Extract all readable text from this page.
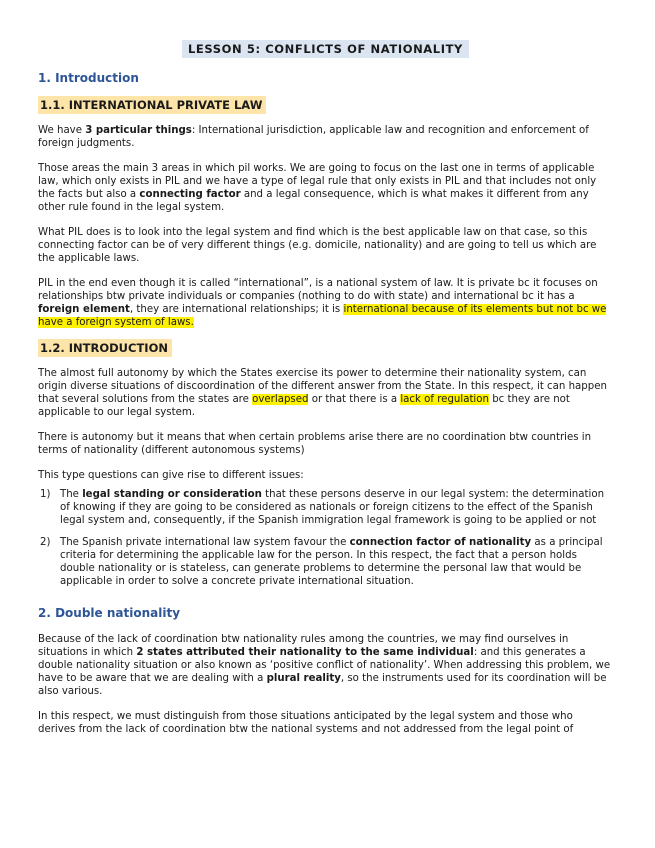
LESSON 5: CONFLICTS OF NATIONALITY
1. Introduction
1.1. INTERNATIONAL PRIVATE LAW

We have 3 particular things: International jurisdiction, applicable law and recognition and enforcement of foreign judgments.

Those areas the main 3 areas in which pil works. We are going to focus on the last one in terms of applicable law, which only exists in PIL and we have a type of legal rule that only exists in PIL and that includes not only the facts but also a connecting factor and a legal consequence, which is what makes it different from any other rule found in the legal system.

What PIL does is to look into the legal system and find which is the best applicable law on that case, so this connecting factor can be of very different things (e.g. domicile, nationality) and are going to tell us which are the applicable laws.

PIL in the end even though it is called “international”, is a national system of law. It is private bc it focuses on relationships btw private individuals or companies (nothing to do with state) and international bc it has a foreign element, they are international relationships; it is international because of its elements but not bc we have a foreign system of laws.

1.2. INTRODUCTION

The almost full autonomy by which the States exercise its power to determine their nationality system, can origin diverse situations of discoordination of the different answer from the State. In this respect, it can happen that several solutions from the states are overlapsed or that there is a lack of regulation bc they are not applicable to our legal system.

There is autonomy but it means that when certain problems arise there are no coordination btw countries in terms of nationality (different autonomous systems)

This type questions can give rise to different issues:

1) The legal standing or consideration that these persons deserve in our legal system: the determination of knowing if they are going to be considered as nationals or foreign citizens to the effect of the Spanish legal system and, consequently, if the Spanish immigration legal framework is going to be applied or not
2) The Spanish private international law system favour the connection factor of nationality as a principal criteria for determining the applicable law for the person. In this respect, the fact that a person holds double nationality or is stateless, can generate problems to determine the personal law that would be applicable in order to solve a concrete private international situation.
2. Double nationality

Because of the lack of coordination btw nationality rules among the countries, we may find ourselves in situations in which 2 states attributed their nationality to the same individual: and this generates a double nationality situation or also known as ‘positive conflict of nationality’. When addressing this problem, we have to be aware that we are dealing with a plural reality, so the instruments used for its coordination will be also various.

In this respect, we must distinguish from those situations anticipated by the legal system and those who derives from the lack of coordination btw the national systems and not addressed from the legal point of
